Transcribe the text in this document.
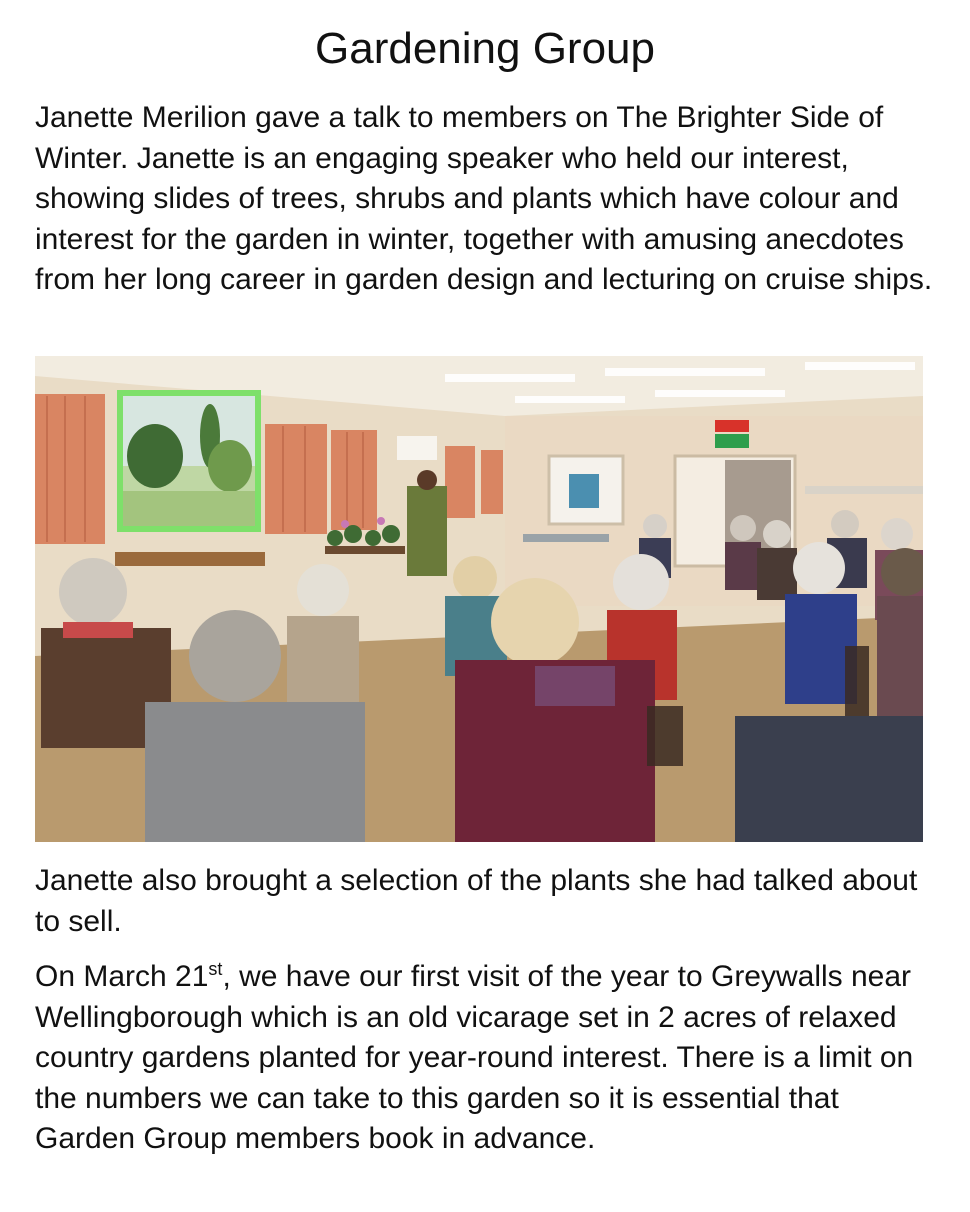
Gardening Group

Janette Merilion gave a talk to members on The Brighter Side of Winter. Janette is an engaging speaker who held our interest, showing slides of trees, shrubs and plants which have colour and interest for the garden in winter, together with amusing anecdotes from her long career in garden design and lecturing on cruise ships.

Janette also brought a selection of the plants she had talked about to sell.

On March 21st, we have our first visit of the year to Greywalls near Wellingborough which is an old vicarage set in 2 acres of relaxed country gardens planted for year-round interest. There is a limit on the numbers we can take to this garden so it is essential that Garden Group members book in advance.
